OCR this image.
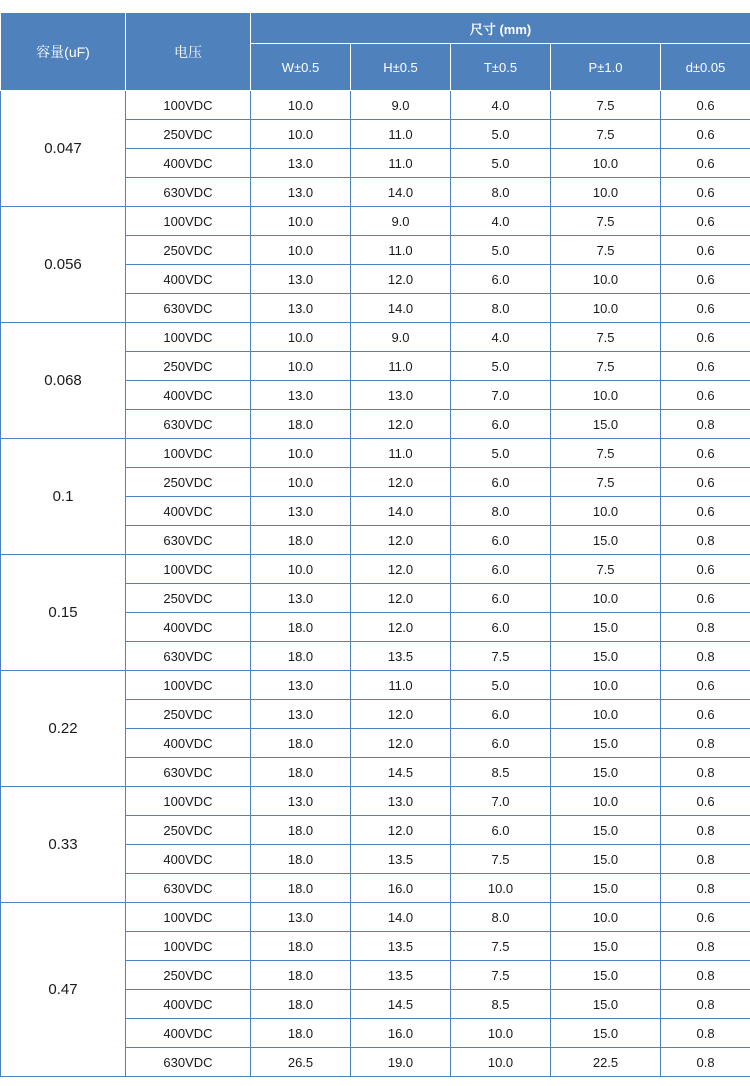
容量(uF)	电压	尺寸 (mm)				
		W±0.5	H±0.5	T±0.5	P±1.0	d±0.05
0.047	100VDC	10.0	9.0	4.0	7.5	0.6
	250VDC	10.0	11.0	5.0	7.5	0.6
	400VDC	13.0	11.0	5.0	10.0	0.6
	630VDC	13.0	14.0	8.0	10.0	0.6
0.056	100VDC	10.0	9.0	4.0	7.5	0.6
	250VDC	10.0	11.0	5.0	7.5	0.6
	400VDC	13.0	12.0	6.0	10.0	0.6
	630VDC	13.0	14.0	8.0	10.0	0.6
0.068	100VDC	10.0	9.0	4.0	7.5	0.6
	250VDC	10.0	11.0	5.0	7.5	0.6
	400VDC	13.0	13.0	7.0	10.0	0.6
	630VDC	18.0	12.0	6.0	15.0	0.8
0.1	100VDC	10.0	11.0	5.0	7.5	0.6
	250VDC	10.0	12.0	6.0	7.5	0.6
	400VDC	13.0	14.0	8.0	10.0	0.6
	630VDC	18.0	12.0	6.0	15.0	0.8
0.15	100VDC	10.0	12.0	6.0	7.5	0.6
	250VDC	13.0	12.0	6.0	10.0	0.6
	400VDC	18.0	12.0	6.0	15.0	0.8
	630VDC	18.0	13.5	7.5	15.0	0.8
0.22	100VDC	13.0	11.0	5.0	10.0	0.6
	250VDC	13.0	12.0	6.0	10.0	0.6
	400VDC	18.0	12.0	6.0	15.0	0.8
	630VDC	18.0	14.5	8.5	15.0	0.8
0.33	100VDC	13.0	13.0	7.0	10.0	0.6
	250VDC	18.0	12.0	6.0	15.0	0.8
	400VDC	18.0	13.5	7.5	15.0	0.8
	630VDC	18.0	16.0	10.0	15.0	0.8
0.47	100VDC	13.0	14.0	8.0	10.0	0.6
	100VDC	18.0	13.5	7.5	15.0	0.8
	250VDC	18.0	13.5	7.5	15.0	0.8
	400VDC	18.0	14.5	8.5	15.0	0.8
	400VDC	18.0	16.0	10.0	15.0	0.8
	630VDC	26.5	19.0	10.0	22.5	0.8
